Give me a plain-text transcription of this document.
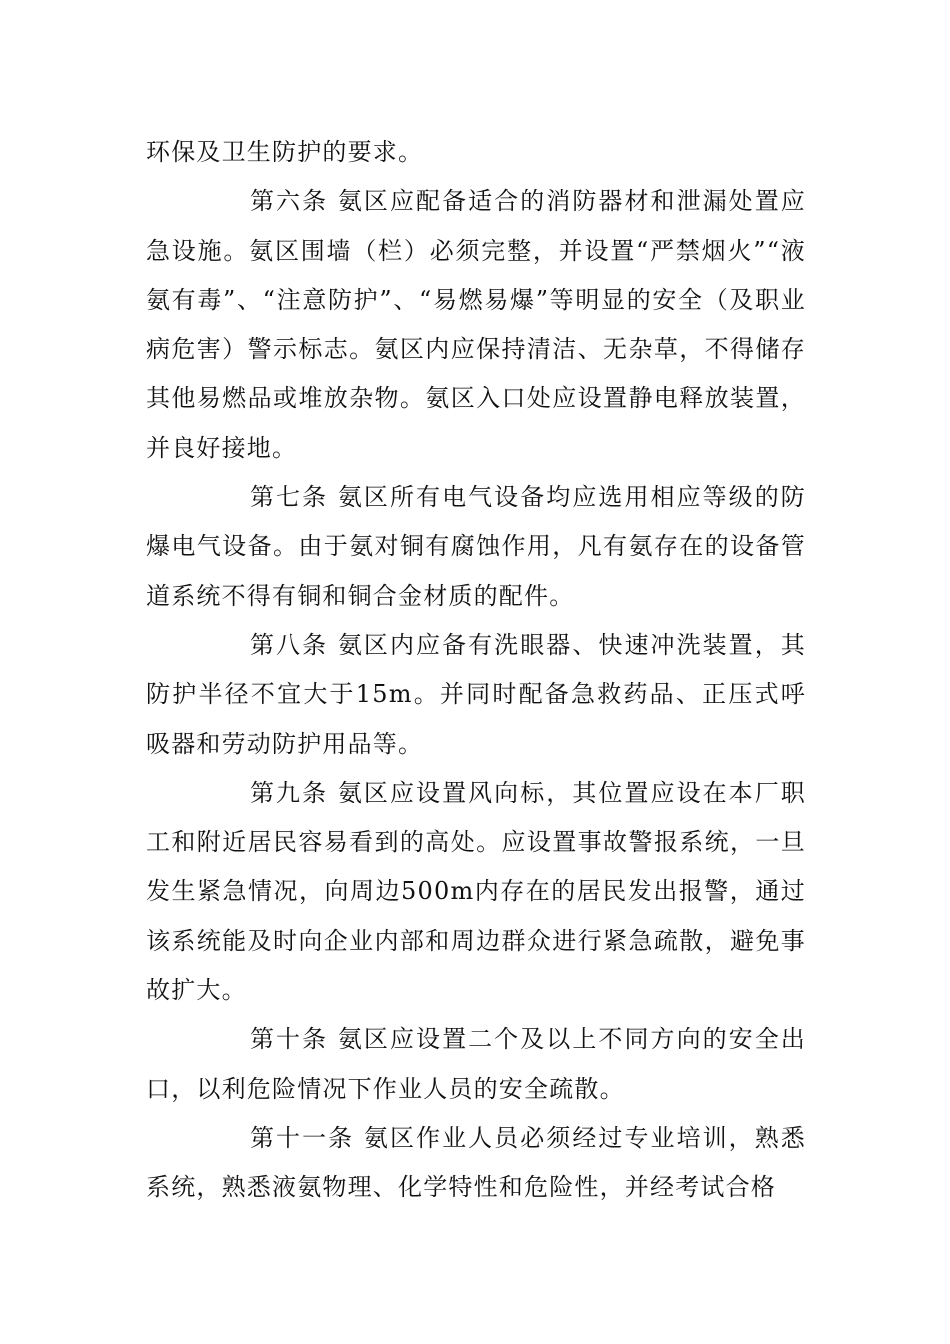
环保及卫生防护的要求。

第六条 氨区应配备适合的消防器材和泄漏处置应急设施。氨区围墙（栏）必须完整，并设置“严禁烟火”“液氨有毒”、“注意防护”、“易燃易爆”等明显的安全（及职业病危害）警示标志。氨区内应保持清洁、无杂草，不得储存其他易燃品或堆放杂物。氨区入口处应设置静电释放装置，并良好接地。

第七条 氨区所有电气设备均应选用相应等级的防爆电气设备。由于氨对铜有腐蚀作用，凡有氨存在的设备管道系统不得有铜和铜合金材质的配件。

第八条 氨区内应备有洗眼器、快速冲洗装置，其防护半径不宜大于15m。并同时配备急救药品、正压式呼吸器和劳动防护用品等。

第九条 氨区应设置风向标，其位置应设在本厂职工和附近居民容易看到的高处。应设置事故警报系统，一旦发生紧急情况，向周边500m内存在的居民发出报警，通过该系统能及时向企业内部和周边群众进行紧急疏散，避免事故扩大。

第十条 氨区应设置二个及以上不同方向的安全出口，以利危险情况下作业人员的安全疏散。

第十一条 氨区作业人员必须经过专业培训，熟悉系统，熟悉液氨物理、化学特性和危险性，并经考试合格
